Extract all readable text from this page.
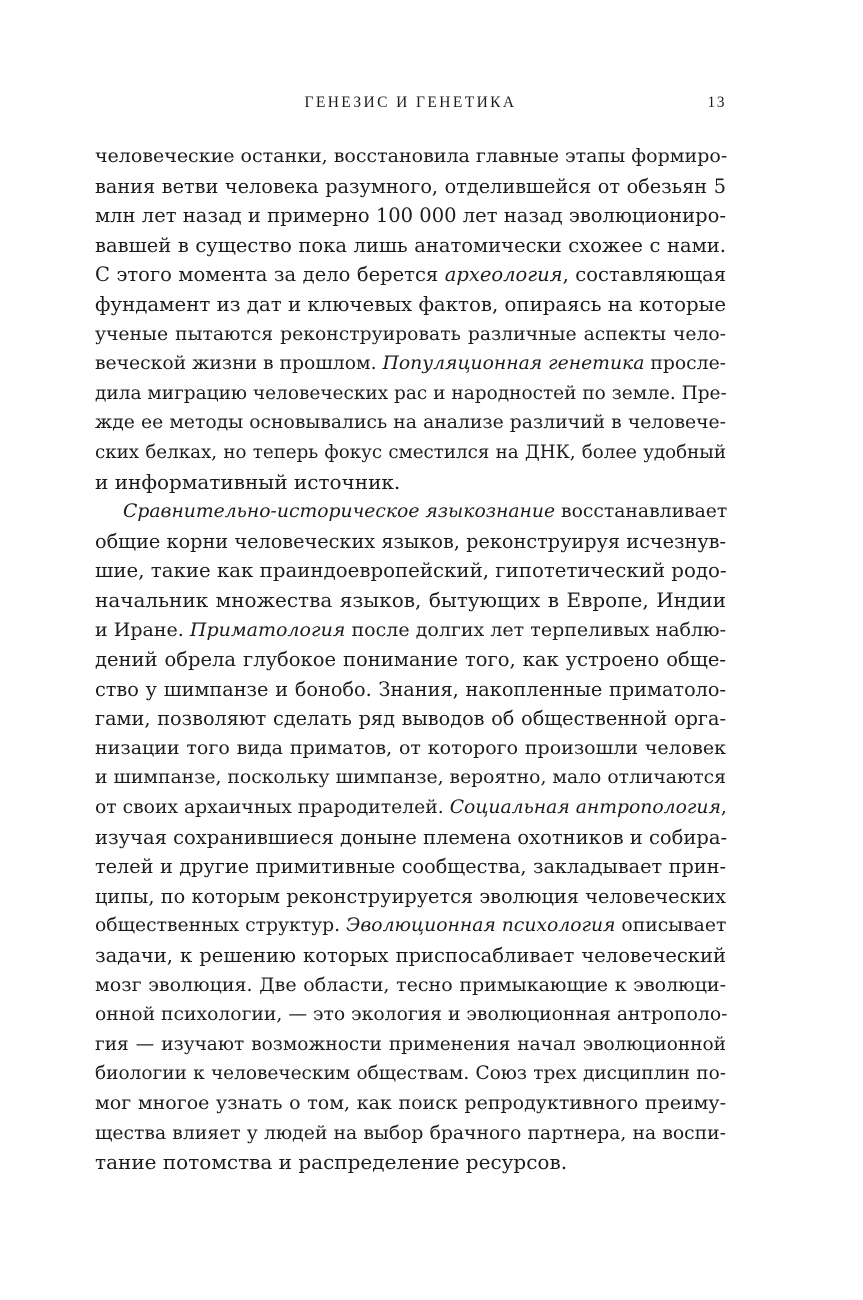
ГЕНЕЗИС И ГЕНЕТИКА	13
человеческие останки, восстановила главные этапы формиро-
вания ветви человека разумного, отделившейся от обезьян 5
млн лет назад и примерно 100 000 лет назад эволюциониро-
вавшей в существо пока лишь анатомически схожее с нами.
С этого момента за дело берется археология, составляющая
фундамент из дат и ключевых фактов, опираясь на которые
ученые пытаются реконструировать различные аспекты чело-
веческой жизни в прошлом. Популяционная генетика просле-
дила миграцию человеческих рас и народностей по земле. Пре-
жде ее методы основывались на анализе различий в человече-
ских белках, но теперь фокус сместился на ДНК, более удобный
и информативный источник.
Сравнительно-историческое языкознание восстанавливает
общие корни человеческих языков, реконструируя исчезнув-
шие, такие как праиндоевропейский, гипотетический родо-
начальник множества языков, бытующих в Европе, Индии
и Иране. Приматология после долгих лет терпеливых наблю-
дений обрела глубокое понимание того, как устроено обще-
ство у шимпанзе и бонобо. Знания, накопленные приматоло-
гами, позволяют сделать ряд выводов об общественной орга-
низации того вида приматов, от которого произошли человек
и шимпанзе, поскольку шимпанзе, вероятно, мало отличаются
от своих архаичных прародителей. Социальная антропология,
изучая сохранившиеся доныне племена охотников и собира-
телей и другие примитивные сообщества, закладывает прин-
ципы, по которым реконструируется эволюция человеческих
общественных структур. Эволюционная психология описывает
задачи, к решению которых приспосабливает человеческий
мозг эволюция. Две области, тесно примыкающие к эволюци-
онной психологии, — это экология и эволюционная антрополо-
гия — изучают возможности применения начал эволюционной
биологии к человеческим обществам. Союз трех дисциплин по-
мог многое узнать о том, как поиск репродуктивного преиму-
щества влияет у людей на выбор брачного партнера, на воспи-
тание потомства и распределение ресурсов.
